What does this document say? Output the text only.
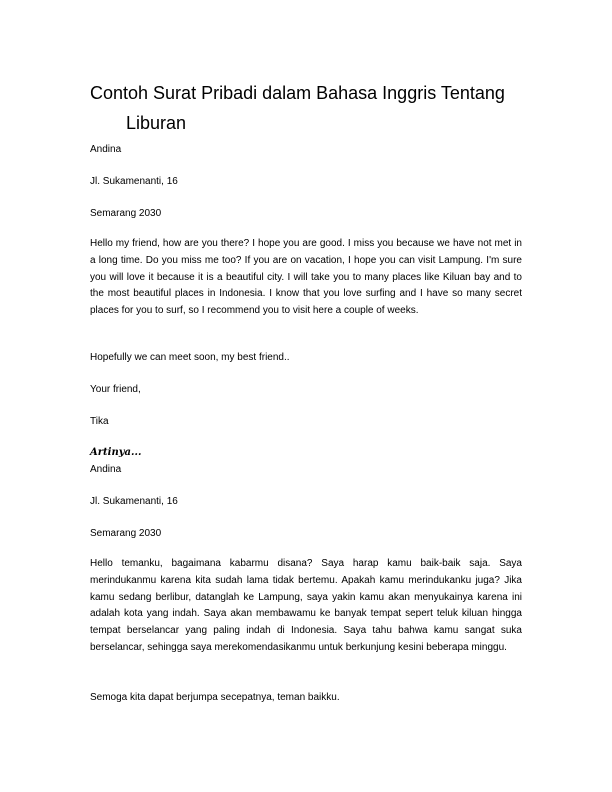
Contoh Surat Pribadi dalam Bahasa Inggris Tentang
Liburan

Andina

Jl. Sukamenanti, 16

Semarang 2030

Hello my friend, how are you there? I hope you are good. I miss you because we have not met in a long time. Do you miss me too? If you are on vacation, I hope you can visit Lampung. I'm sure you will love it because it is a beautiful city. I will take you to many places like Kiluan bay and to the most beautiful places in Indonesia. I know that you love surfing and I have so many secret places for you to surf, so I recommend you to visit here a couple of weeks.

Hopefully we can meet soon, my best friend..

Your friend,

Tika

Artinya...

Andina

Jl. Sukamenanti, 16

Semarang 2030

Hello temanku, bagaimana kabarmu disana? Saya harap kamu baik-baik saja. Saya merindukanmu karena kita sudah lama tidak bertemu. Apakah kamu merindukanku juga? Jika kamu sedang berlibur, datanglah ke Lampung, saya yakin kamu akan menyukainya karena ini adalah kota yang indah. Saya akan membawamu ke banyak tempat sepert teluk kiluan hingga tempat berselancar yang paling indah di Indonesia. Saya tahu bahwa kamu sangat suka berselancar, sehingga saya merekomendasikanmu untuk berkunjung kesini beberapa minggu.

Semoga kita dapat berjumpa secepatnya, teman baikku.
